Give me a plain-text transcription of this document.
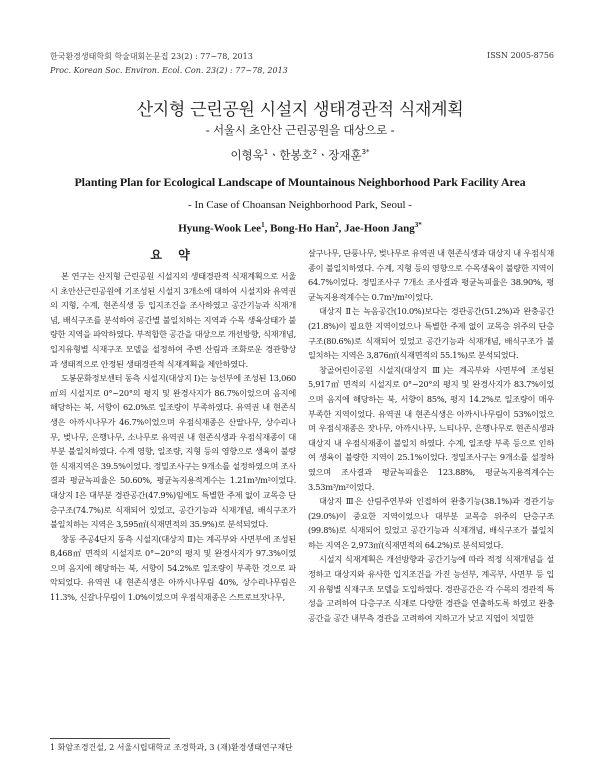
한국환경생태학회 학술대회논문집 23(2) : 77~78, 2013
Proc. Korean Soc. Environ. Ecol. Con. 23(2) : 77~78, 2013
ISSN 2005-8756
산지형 근린공원 시설지 생태경관적 식재계획
- 서울시 초안산 근린공원을 대상으로 -
이형욱$^1$ㆍ한봉호$^2$ㆍ장재훈$^{3*}$
Planting Plan for Ecological Landscape of Mountainous Neighborhood Park Facility Area
- In Case of Choansan Neighborhood Park, Seoul -
Hyung-Wook Lee$^1$, Bong-Ho Han$^2$, Jae-Hoon Jang$^{3*}$
요 약

본 연구는 산지형 근린공원 시설지의 생태경관적 식재계획으로 서울시 초안산근린공원에 기조성된 시설지 3개소에 대하여 시설지와 유역권의 지형, 수계, 현존식생 등 입지조건을 조사하였고 공간기능과 식재개념, 배식구조를 분석하여 공간별 불일치하는 지역과 수목 생육상태가 불량한 지역을 파악하였다. 부적합한 공간을 대상으로 개선방향, 식재개념, 입지유형별 식재구조 모델을 설정하여 주변 산림과 조화로운 경관향상과 생태적으로 안정된 생태경관적 식재계획을 제안하였다.

도봉문화정보센터 동측 시설지(대상지 Ⅰ)는 능선부에 조성된 13,060㎡의 시설지로 0°~20°의 평지 및 완경사지가 86.7%이었으며 음지에 해당하는 북, 서향이 62.0%로 일조량이 부족하였다. 유역권 내 현존식생은 아까시나무가 46.7%이었으며 우점식재종은 산딸나무, 상수리나무, 벚나무, 은행나무, 소나무로 유역권 내 현존식생과 우점식재종이 대부분 불일치하였다. 수계 영향, 일조량, 지형 등의 영향으로 생육이 불량한 식재지역은 39.5%이었다. 정밀조사구는 9개소를 설정하였으며 조사결과 평균녹피율은 50.60%, 평균녹지용적계수는 1.21m³/m²이었다. 대상지 Ⅰ은 대부분 경관공간(47.9%)임에도 특별한 주제 없이 교목층 단층구조(74.7%)로 식재되어 있었고, 공간기능과 식재개념, 배식구조가 불일치하는 지역은 3,595㎡(식재면적의 35.9%)로 분석되었다.

창동 주공4단지 동측 시설지(대상지 Ⅱ)는 계곡부와 사면부에 조성된 8,468㎡ 면적의 시설지로 0°~20°의 평지 및 완경사지가 97.3%이었으며 음지에 해당하는 북, 서향이 54.2%로 일조량이 부족한 것으로 파악되었다. 유역권 내 현존식생은 아까시나무림 40%, 상수리나무림은 11.3%, 신갈나무림이 1.0%이었으며 우점식재종은 스트로브잣나무,

살구나무, 단풍나무, 벚나무로 유역권 내 현존식생과 대상지 내 우점식재종이 불일치하였다. 수계, 지형 등의 영향으로 수목생육이 불량한 지역이 64.7%이었다. 정밀조사구 7개소 조사결과 평균녹피율은 38.90%, 평균녹지용적계수는 0.7m³/m²이었다.

대상지 Ⅱ는 녹음공간(10.0%)보다는 경관공간(51.2%)과 완충공간(21.8%)이 필요한 지역이었으나 특별한 주제 없이 교목층 위주의 단층구조(80.6%)로 식재되어 있었고 공간기능과 식재개념, 배식구조가 불일치하는 지역은 3,876㎡(식재면적의 55.1%)로 분석되었다.

창골어린이공원 시설지(대상지 Ⅲ)는 계곡부와 사면부에 조성된 5,917㎡ 면적의 시설지로 0°~20°의 평지 및 완경사지가 83.7%이었으며 음지에 해당하는 북, 서향이 85%, 평지 14.2%로 일조량이 매우 부족한 지역이었다. 유역권 내 현존식생은 아까시나무림이 53%이었으며 우점식재종은 잣나무, 아까시나무, 느티나무, 은행나무로 현존식생과 대상지 내 우점식재종이 불일치 하였다. 수계, 일조량 부족 등으로 인하여 생육이 불량한 지역이 25.1%이었다. 정밀조사구는 9개소를 설정하였으며 조사결과 평균녹피율은 123.88%, 평균녹지용적계수는 3.53m³/m²이었다.

대상지 Ⅲ은 산림주연부와 인접하여 완충기능(38.1%)과 경관기능(29.0%)이 중요한 지역이었으나 대부분 교목층 위주의 단층구조(99.8%)로 식재되어 있었고 공간기능과 식재개념, 배식구조가 불일치하는 지역은 2,973㎡(식재면적의 64.2%)로 분석되었다.

시설지 식재계획은 개선방향과 공간기능에 따라 적정 식재개념을 설정하고 대상지와 유사한 입지조건을 가진 능선부, 계곡부, 사면부 등 입지 유형별 식재구조 모델을 도입하였다. 경관공간은 각 수목의 경관적 특성을 고려하여 다층구조 식재로 다양한 경관을 연출하도록 하였고 완충공간을 공간 내부측 경관을 고려하여 지하고가 낮고 지엽이 치밀한

1 화암조경건설, 2 서울시립대학교 조경학과, 3 (재)환경생태연구재단
